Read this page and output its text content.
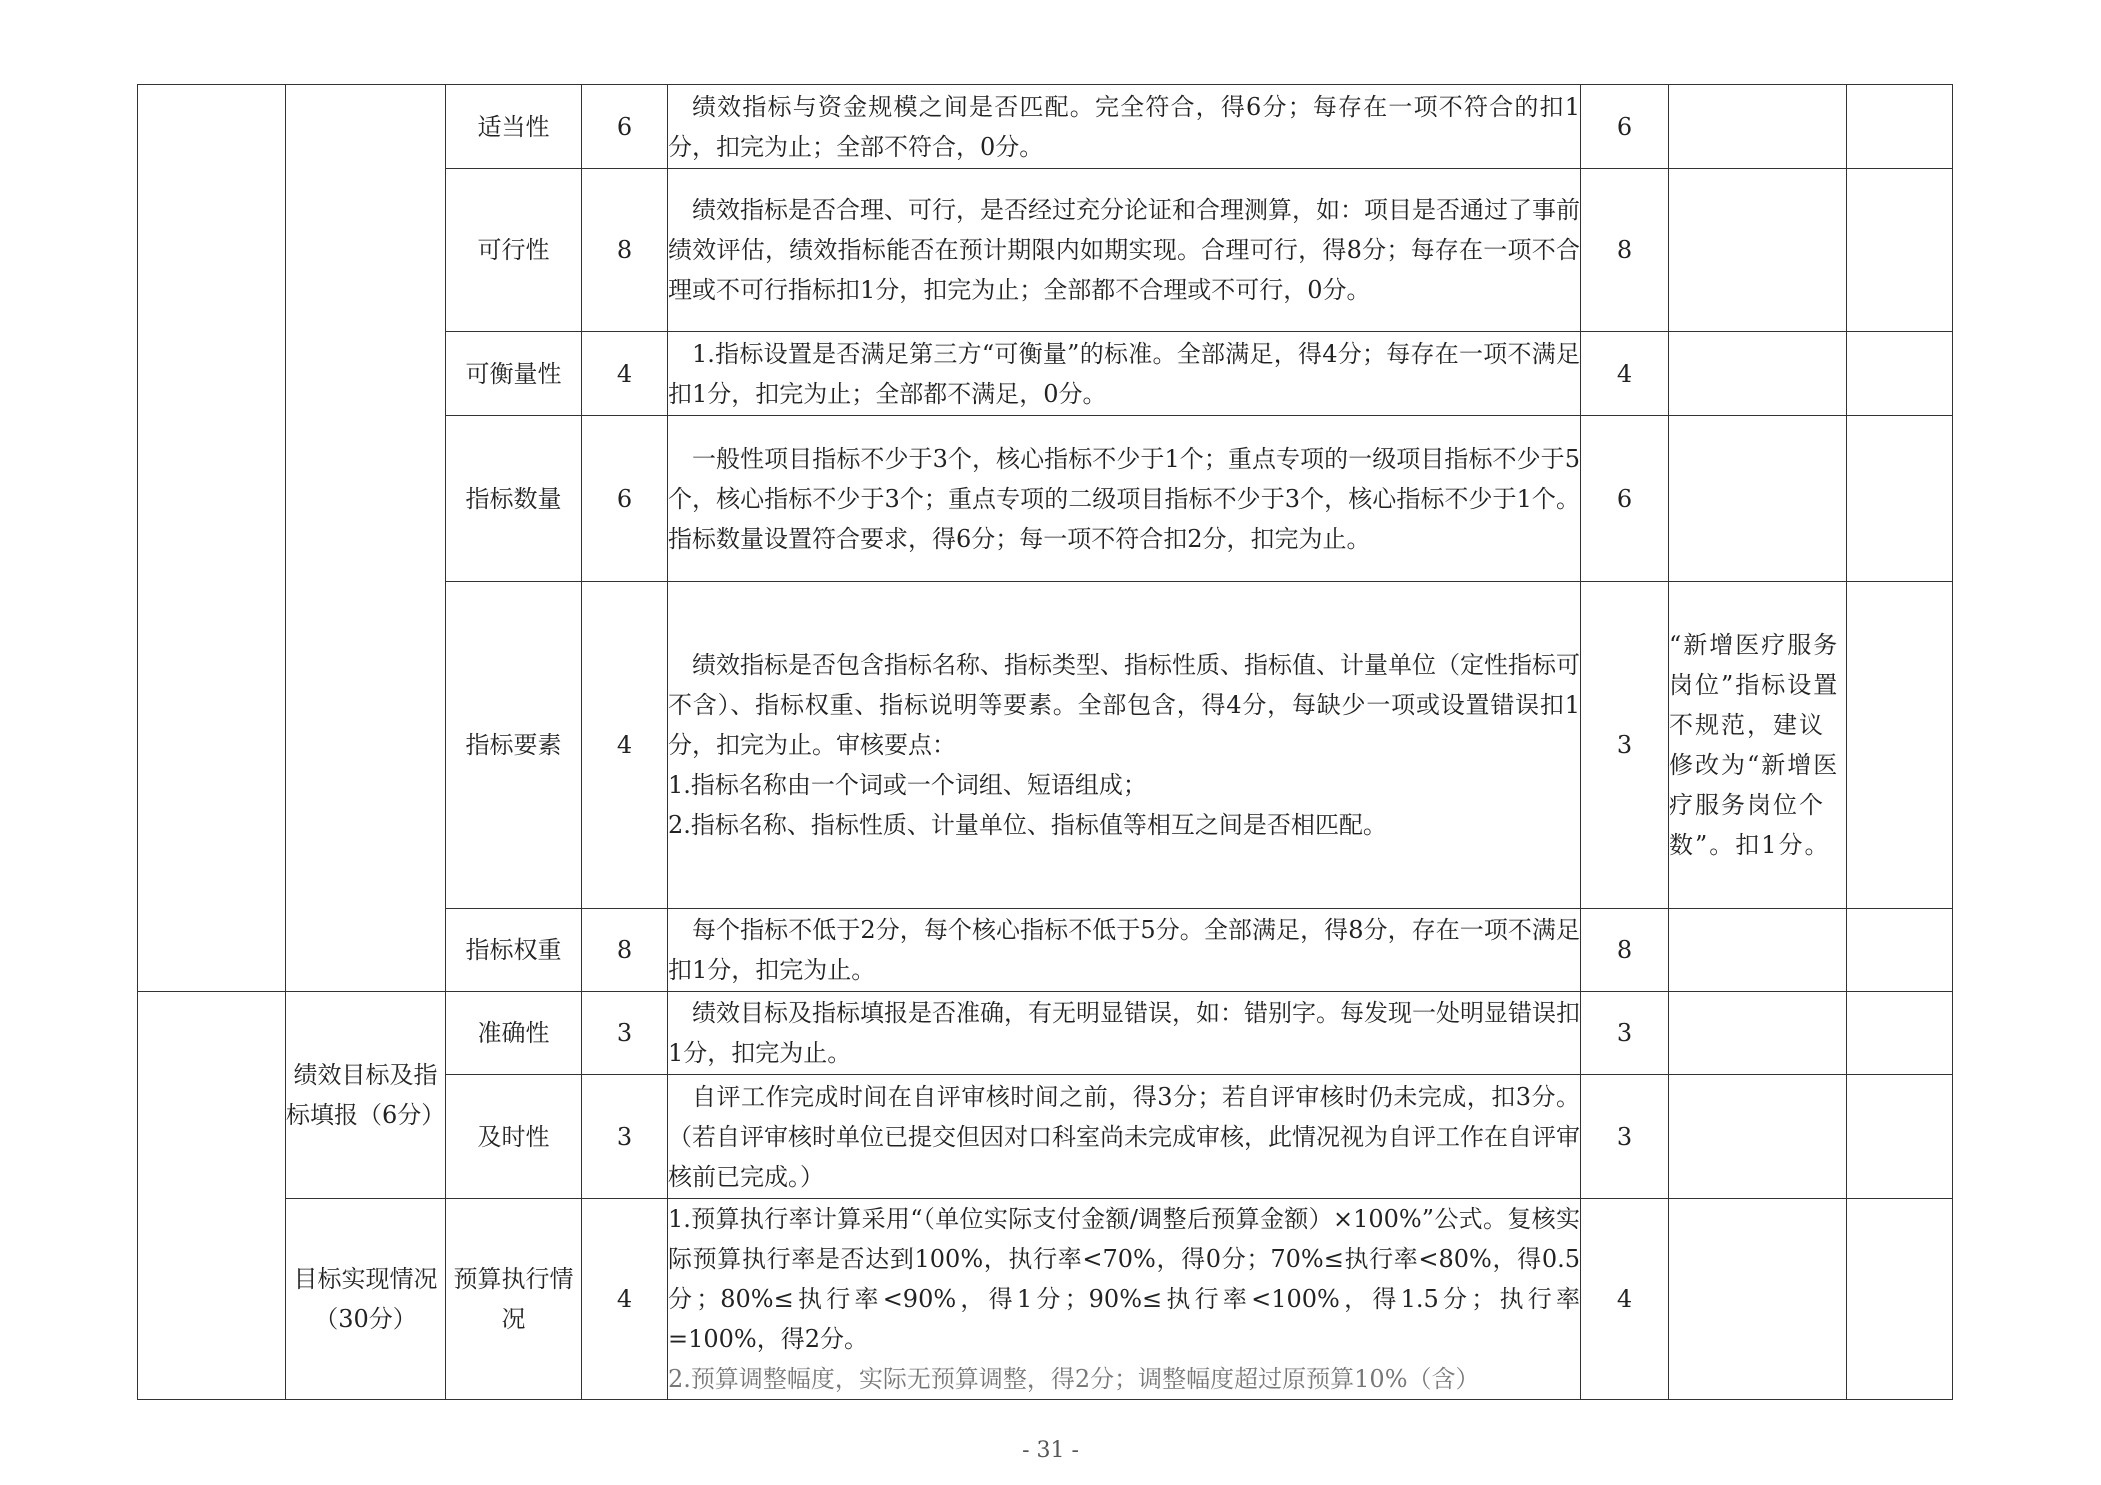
		适当性	6	绩效指标与资金规模之间是否匹配。完全符合，得6分；每存在一项不符合的扣1分，扣完为止；全部不符合，0分。	6		
		可行性	8	绩效指标是否合理、可行，是否经过充分论证和合理测算，如：项目是否通过了事前绩效评估，绩效指标能否在预计期限内如期实现。合理可行，得8分；每存在一项不合理或不可行指标扣1分，扣完为止；全部都不合理或不可行，0分。	8		
		可衡量性	4	1.指标设置是否满足第三方“可衡量”的标准。全部满足，得4分；每存在一项不满足扣1分，扣完为止；全部都不满足，0分。	4		
		指标数量	6	一般性项目指标不少于3个，核心指标不少于1个；重点专项的一级项目指标不少于5个，核心指标不少于3个；重点专项的二级项目指标不少于3个，核心指标不少于1个。指标数量设置符合要求，得6分；每一项不符合扣2分，扣完为止。	6		
		指标要素	4	绩效指标是否包含指标名称、指标类型、指标性质、指标值、计量单位（定性指标可不含）、指标权重、指标说明等要素。全部包含，得4分，每缺少一项或设置错误扣1分，扣完为止。审核要点：
1.指标名称由一个词或一个词组、短语组成；
2.指标名称、指标性质、计量单位、指标值等相互之间是否相匹配。	3	“新增医疗服务岗位”指标设置不规范，建议修改为“新增医疗服务岗位个数”。扣1分。	
		指标权重	8	每个指标不低于2分，每个核心指标不低于5分。全部满足，得8分，存在一项不满足扣1分，扣完为止。	8		
	绩效目标及指标填报（6分）	准确性	3	绩效目标及指标填报是否准确，有无明显错误，如：错别字。每发现一处明显错误扣1分，扣完为止。	3		
		及时性	3	自评工作完成时间在自评审核时间之前，得3分；若自评审核时仍未完成，扣3分。（若自评审核时单位已提交但因对口科室尚未完成审核，此情况视为自评工作在自评审核前已完成。）	3		
	目标实现情况（30分）	预算执行情况	4	1.预算执行率计算采用“（单位实际支付金额/调整后预算金额）×100%”公式。复核实际预算执行率是否达到100%，执行率<70%，得0分；70%≤执行率<80%，得0.5分；80%≤执行率<90%，得1分；90%≤执行率<100%，得1.5分；执行率=100%，得2分。
2.预算调整幅度，实际无预算调整，得2分；调整幅度超过原预算10%（含）	4		
- 31 -
